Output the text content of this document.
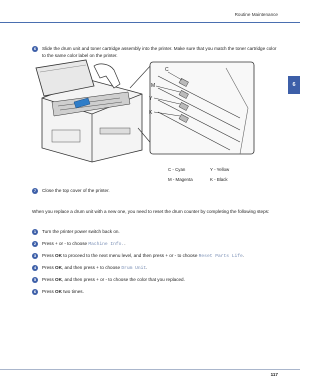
Routine Maintenance
6
6	Slide the drum unit and toner cartridge assembly into the printer. Make sure that you match the toner cartridge color to the same color label on the printer.
C
M
Y
K
C - Cyan	Y - Yellow
M - Magenta	K - Black
7	Close the top cover of the printer.
When you replace a drum unit with a new one, you need to reset the drum counter by completing the following steps:
1	Turn the printer power switch back on.
2	Press + or - to choose Machine Info..
3	Press OK to proceed to the next menu level, and then press + or - to choose Reset Parts Life.
4	Press OK, and then press + to choose Drum Unit.
5	Press OK, and then press + or - to choose the color that you replaced.
6	Press OK two times.
117
